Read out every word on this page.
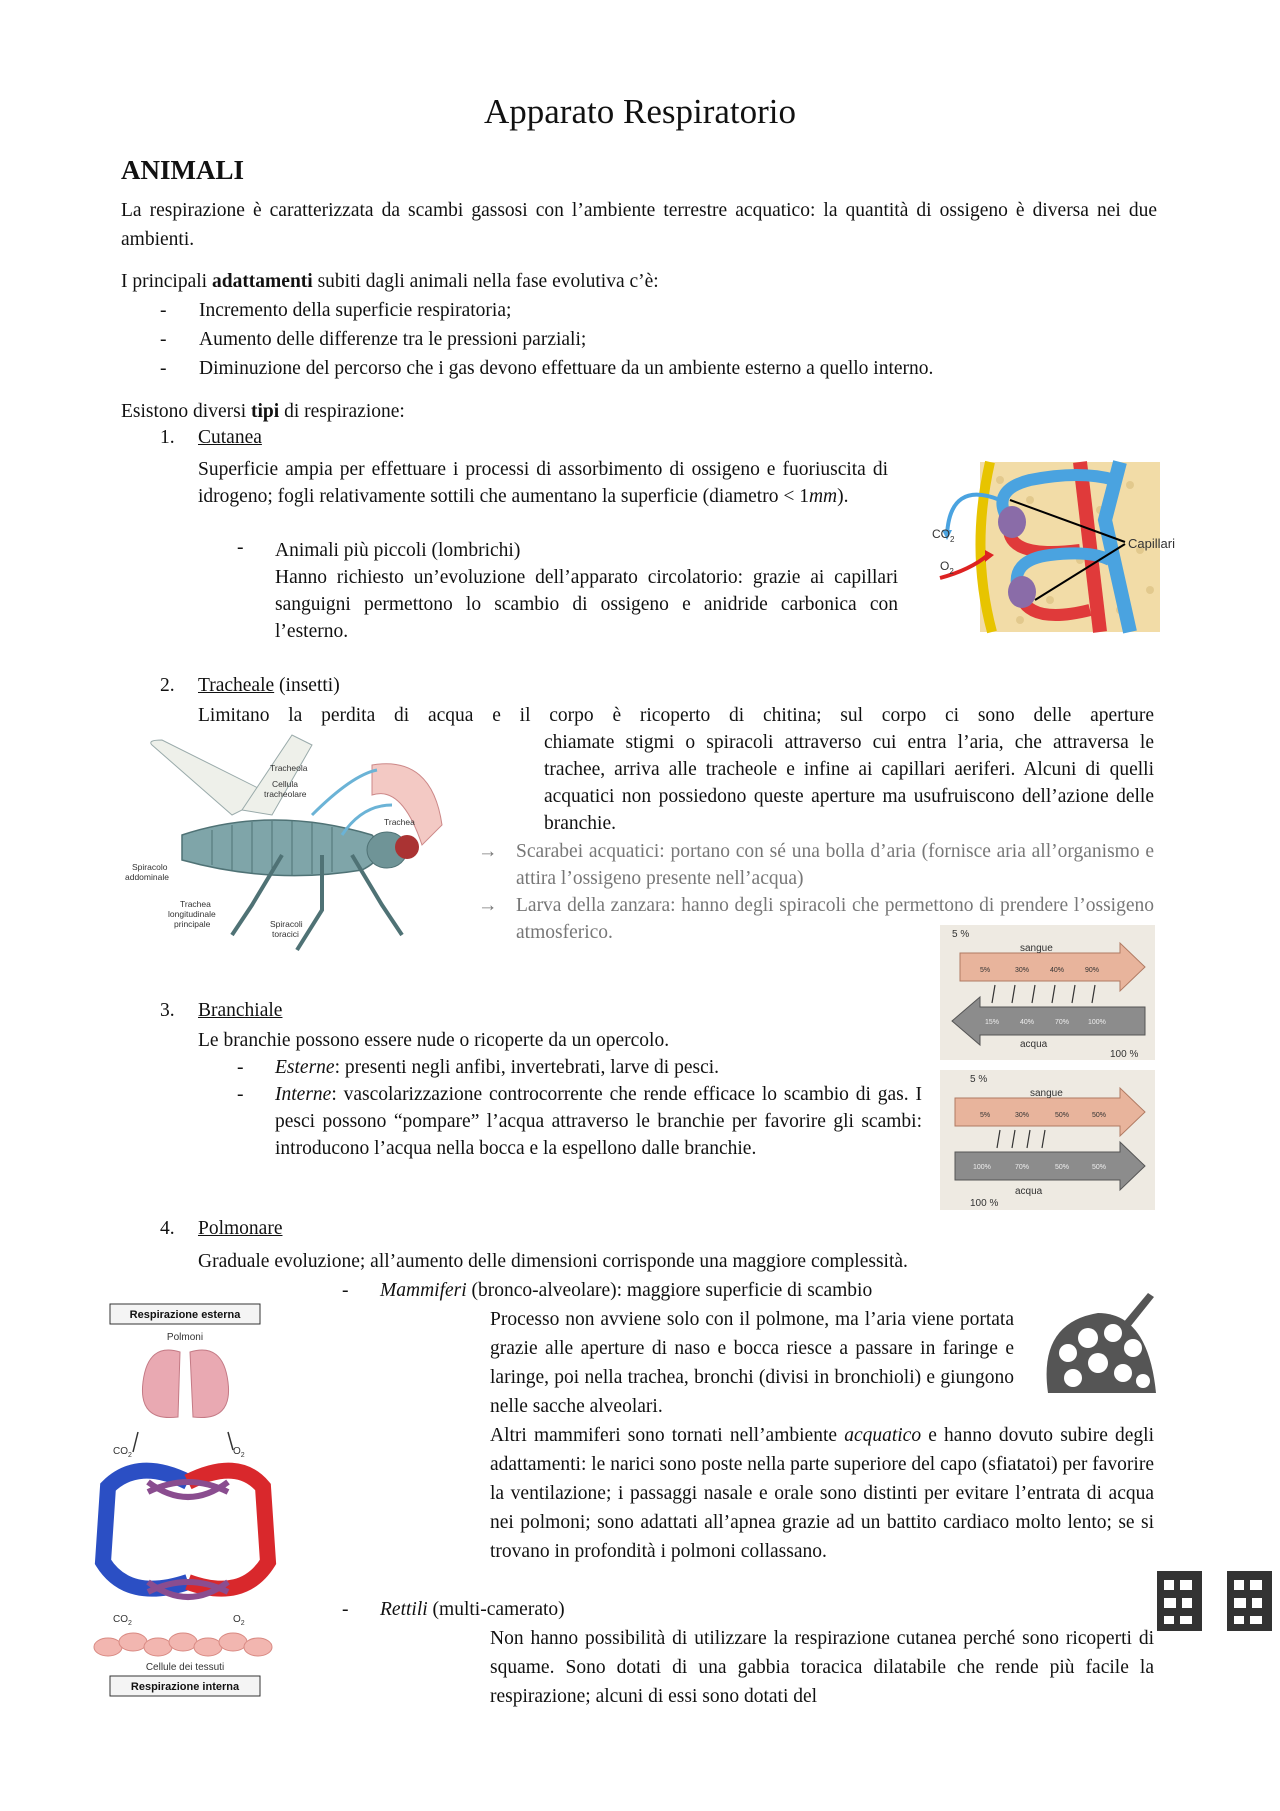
Apparato Respiratorio
ANIMALI
La respirazione è caratterizzata da scambi gassosi con l’ambiente terrestre acquatico: la quantità di ossigeno è diversa nei due ambienti.
I principali adattamenti subiti dagli animali nella fase evolutiva c’è:
- Incremento della superficie respiratoria;
- Aumento delle differenze tra le pressioni parziali;
- Diminuzione del percorso che i gas devono effettuare da un ambiente esterno a quello interno.
Esistono diversi tipi di respirazione:
1. Cutanea
Superficie ampia per effettuare i processi di assorbimento di ossigeno e fuoriuscita di idrogeno; fogli relativamente sottili che aumentano la superficie (diametro < 1mm).
- Animali più piccoli (lombrichi)
Hanno richiesto un’evoluzione dell’apparato circolatorio: grazie ai capillari sanguigni permettono lo scambio di ossigeno e anidride carbonica con l’esterno.
$CO_2$
$O_2$
Capillari
2. Tracheale (insetti)
Limitano la perdita di acqua e il corpo è ricoperto di chitina; sul corpo ci sono delle aperture
chiamate stigmi o spiracoli attraverso cui entra l’aria, che attraversa le trachee, arriva alle tracheole e infine ai capillari aeriferi. Alcuni di quelli acquatici non possiedono queste aperture ma usufruiscono dell’azione delle branchie.
→ Scarabei acquatici: portano con sé una bolla d’aria (fornisce aria all’organismo e attira l’ossigeno presente nell’acqua)
→ Larva della zanzara: hanno degli spiracoli che permettono di prendere l’ossigeno atmosferico.
Tracheola
Cellula
tracheolare
Trachea
Spiracolo
addominale
Trachea
longitudinale
principale	Spiracoli
toracici
3. Branchiale
Le branchie possono essere nude o ricoperte da un opercolo.
- Esterne: presenti negli anfibi, invertebrati, larve di pesci.
- Interne: vascolarizzazione controcorrente che rende efficace lo scambio di gas. I pesci possono “pompare” l’acqua attraverso le branchie per favorire gli scambi: introducono l’acqua nella bocca e la espellono dalle branchie.
5 %
sangue
5%	30%	40%	90%
15%	40%	70%	100%
acqua
100 %
5 %
sangue
5%	30%	50%	50%
100%	70%	50%	50%
acqua
100 %
4. Polmonare
Graduale evoluzione; all’aumento delle dimensioni corrisponde una maggiore complessità.
- Mammiferi (bronco-alveolare): maggiore superficie di scambio
Processo non avviene solo con il polmone, ma l’aria viene portata grazie alle aperture di naso e bocca riesce a passare in faringe e laringe, poi nella trachea, bronchi (divisi in bronchioli) e giungono nelle sacche alveolari.
Altri mammiferi sono tornati nell’ambiente acquatico e hanno dovuto subire degli adattamenti: le narici sono poste nella parte superiore del capo (sfiatatoi) per favorire la ventilazione; i passaggi nasale e orale sono distinti per evitare l’entrata di acqua nei polmoni; sono adattati all’apnea grazie ad un battito cardiaco molto lento; se si trovano in profondità i polmoni collassano.
- Rettili (multi-camerato)
Non hanno possibilità di utilizzare la respirazione cutanea perché sono ricoperti di squame. Sono dotati di una gabbia toracica dilatabile che rende più facile la respirazione; alcuni di essi sono dotati del
Respirazione esterna
Polmoni
$CO_2$	$O_2$
$CO_2$	$O_2$
Cellule dei tessuti
Respirazione interna
